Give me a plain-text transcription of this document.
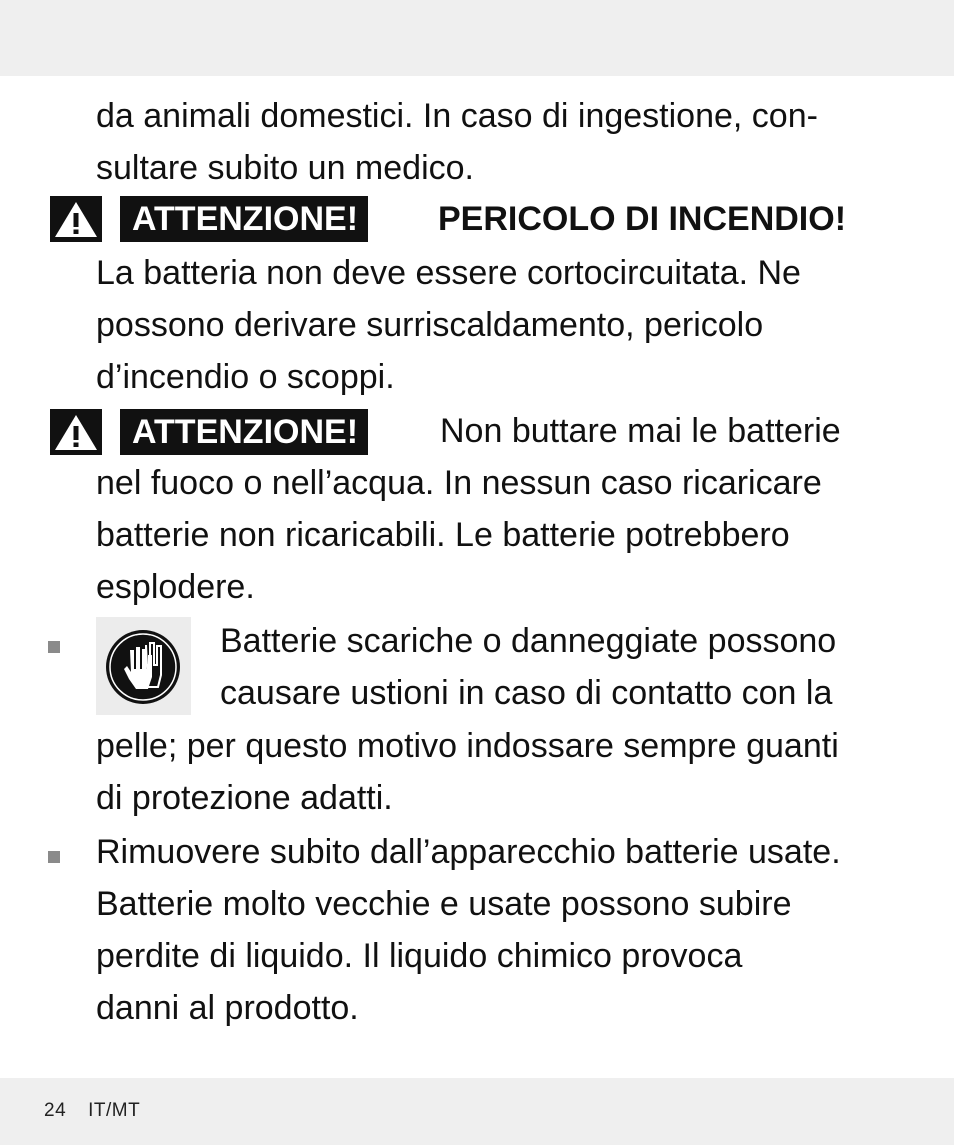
da animali domestici. In caso di ingestione, con-
sultare subito un medico.
ATTENZIONE! PERICOLO DI INCENDIO!
La batteria non deve essere cortocircuitata. Ne
possono derivare surriscaldamento, pericolo
d’incendio o scoppi.
ATTENZIONE! Non buttare mai le batterie
nel fuoco o nell’acqua. In nessun caso ricaricare
batterie non ricaricabili. Le batterie potrebbero
esplodere.
Batterie scariche o danneggiate possono
causare ustioni in caso di contatto con la
pelle; per questo motivo indossare sempre guanti
di protezione adatti.
Rimuovere subito dall’apparecchio batterie usate.
Batterie molto vecchie e usate possono subire
perdite di liquido. Il liquido chimico provoca
danni al prodotto.
24 IT/MT
